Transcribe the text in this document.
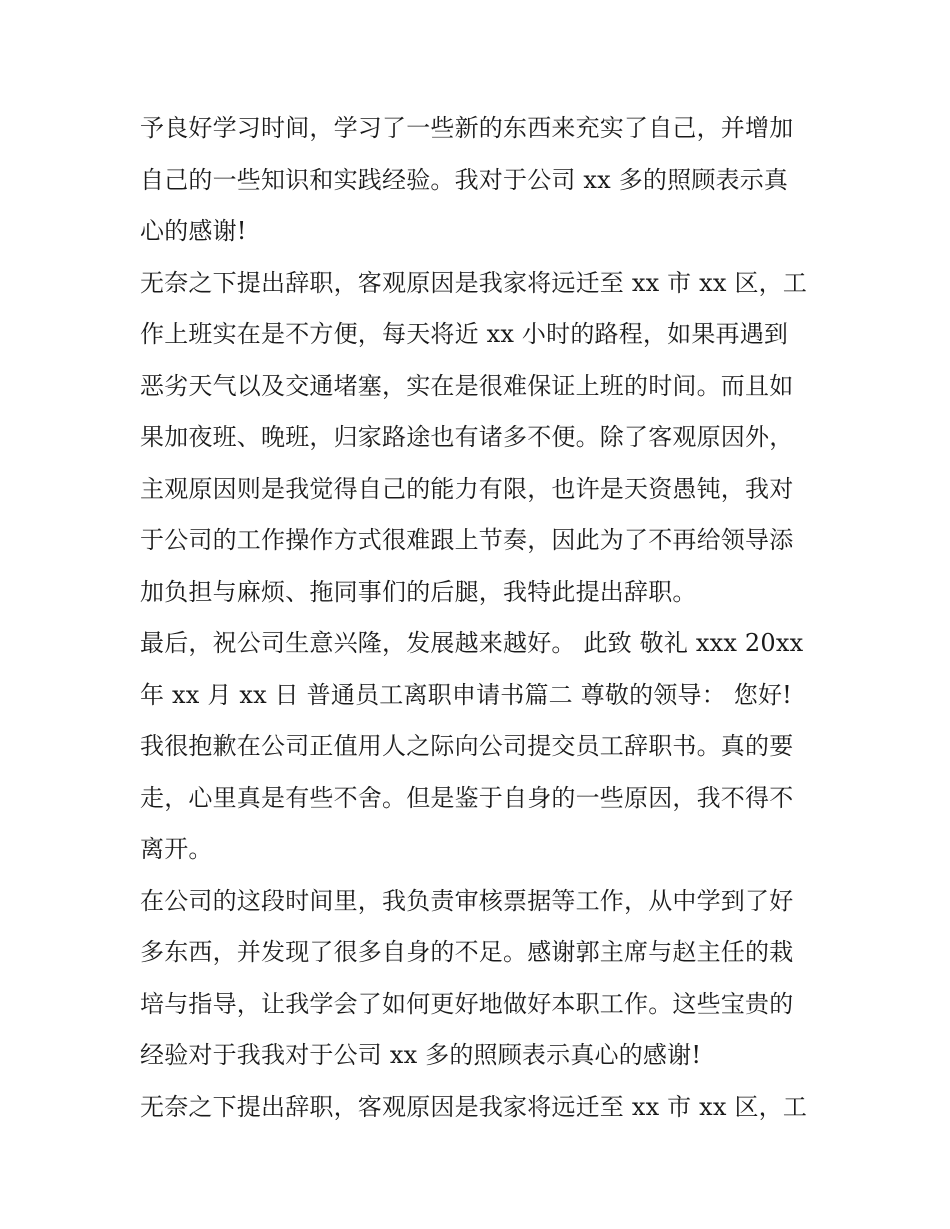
予良好学习时间，学习了一些新的东西来充实了自己，并增加
自己的一些知识和实践经验。我对于公司 xx 多的照顾表示真
心的感谢!
无奈之下提出辞职，客观原因是我家将远迁至 xx 市 xx 区，工
作上班实在是不方便，每天将近 xx 小时的路程，如果再遇到
恶劣天气以及交通堵塞，实在是很难保证上班的时间。而且如
果加夜班、晚班，归家路途也有诸多不便。除了客观原因外，
主观原因则是我觉得自己的能力有限，也许是天资愚钝，我对
于公司的工作操作方式很难跟上节奏，因此为了不再给领导添
加负担与麻烦、拖同事们的后腿，我特此提出辞职。
最后，祝公司生意兴隆，发展越来越好。 此致 敬礼 xxx 20xx
年 xx 月 xx 日 普通员工离职申请书篇二 尊敬的领导： 您好!
我很抱歉在公司正值用人之际向公司提交员工辞职书。真的要
走，心里真是有些不舍。但是鉴于自身的一些原因，我不得不
离开。
在公司的这段时间里，我负责审核票据等工作，从中学到了好
多东西，并发现了很多自身的不足。感谢郭主席与赵主任的栽
培与指导，让我学会了如何更好地做好本职工作。这些宝贵的
经验对于我我对于公司 xx 多的照顾表示真心的感谢!
无奈之下提出辞职，客观原因是我家将远迁至 xx 市 xx 区，工
